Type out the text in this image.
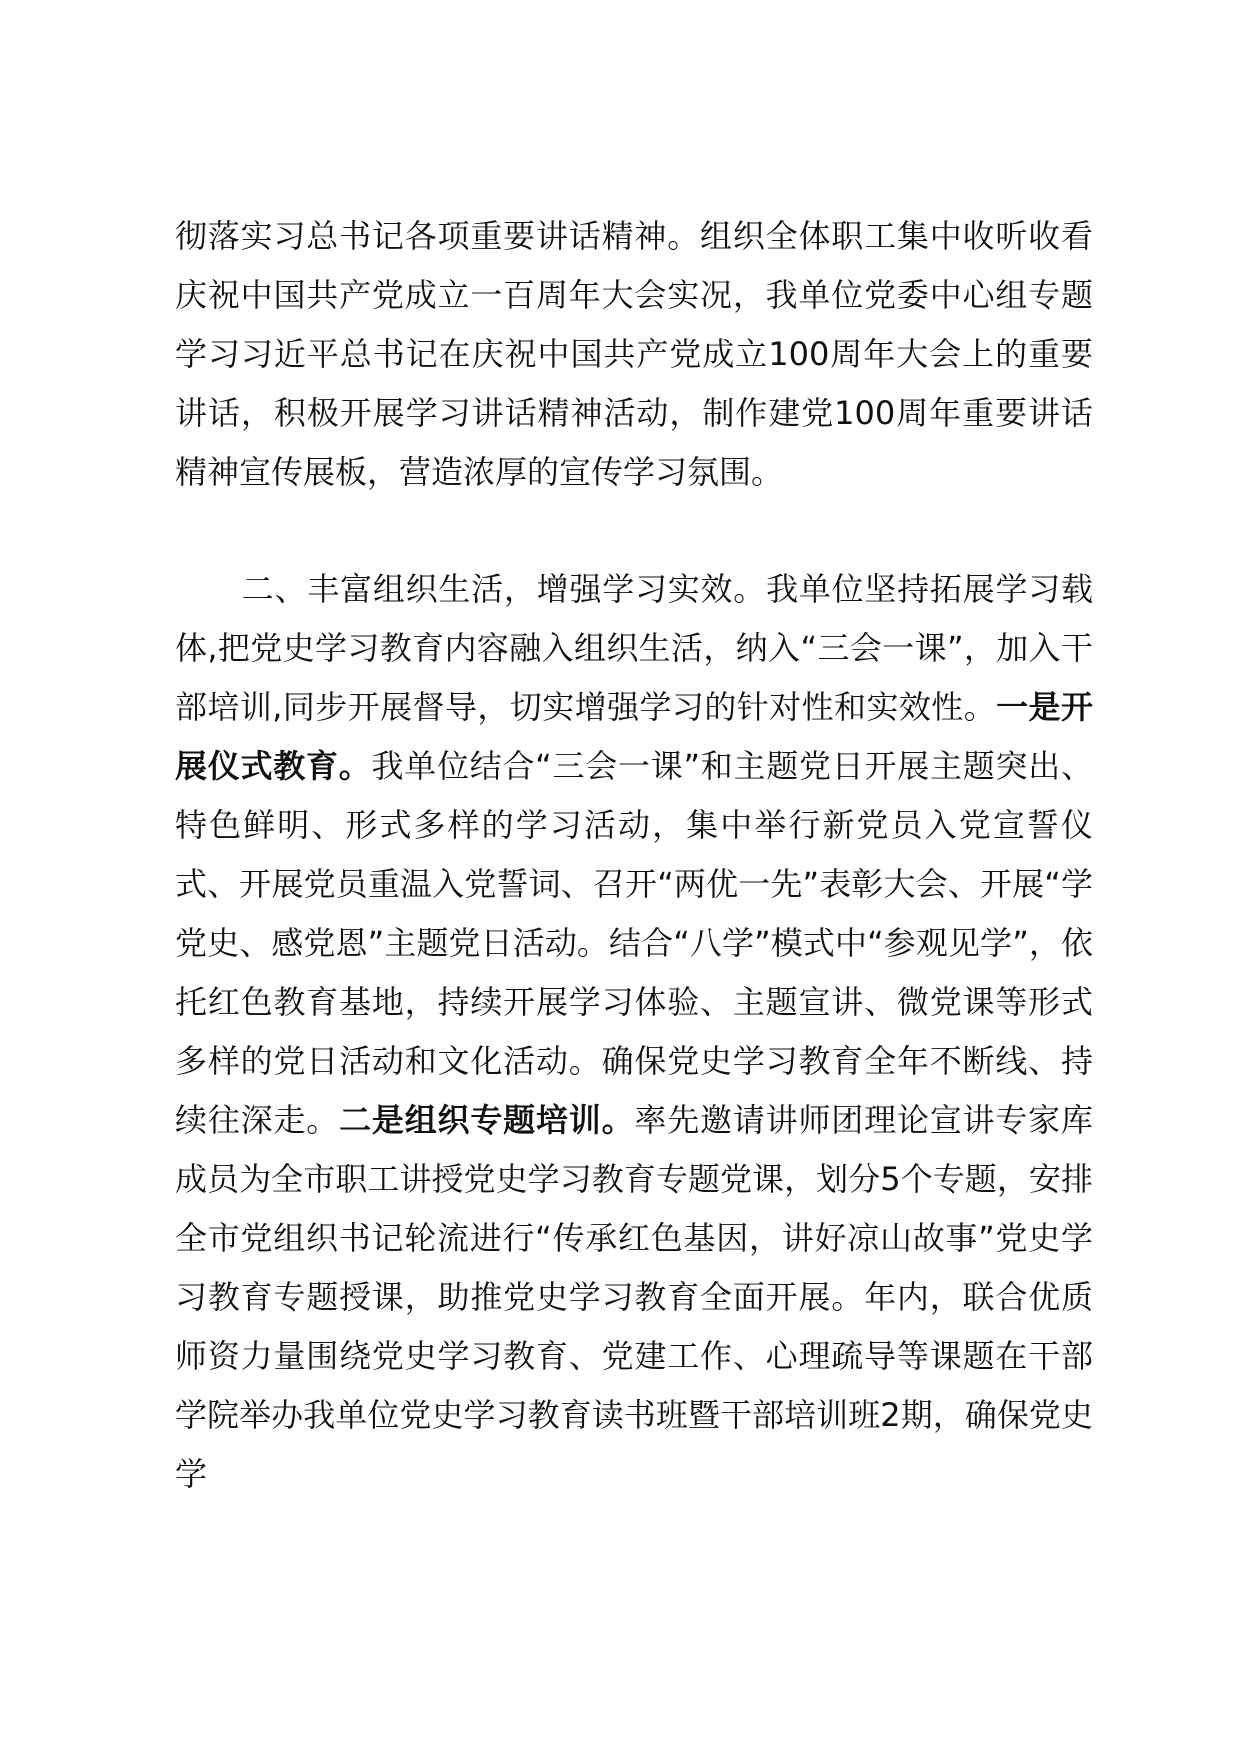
彻落实习总书记各项重要讲话精神。组织全体职工集中收听收看庆祝中国共产党成立一百周年大会实况，我单位党委中心组专题学习习近平总书记在庆祝中国共产党成立100周年大会上的重要讲话，积极开展学习讲话精神活动，制作建党100周年重要讲话精神宣传展板，营造浓厚的宣传学习氛围。

二、丰富组织生活，增强学习实效。我单位坚持拓展学习载体,把党史学习教育内容融入组织生活，纳入“三会一课”，加入干部培训,同步开展督导，切实增强学习的针对性和实效性。一是开展仪式教育。我单位结合“三会一课”和主题党日开展主题突出、特色鲜明、形式多样的学习活动，集中举行新党员入党宣誓仪式、开展党员重温入党誓词、召开“两优一先”表彰大会、开展“学党史、感党恩”主题党日活动。结合“八学”模式中“参观见学”，依托红色教育基地，持续开展学习体验、主题宣讲、微党课等形式多样的党日活动和文化活动。确保党史学习教育全年不断线、持续往深走。二是组织专题培训。率先邀请讲师团理论宣讲专家库成员为全市职工讲授党史学习教育专题党课，划分5个专题，安排全市党组织书记轮流进行“传承红色基因，讲好凉山故事”党史学习教育专题授课，助推党史学习教育全面开展。年内，联合优质师资力量围绕党史学习教育、党建工作、心理疏导等课题在干部学院举办我单位党史学习教育读书班暨干部培训班2期，确保党史学
